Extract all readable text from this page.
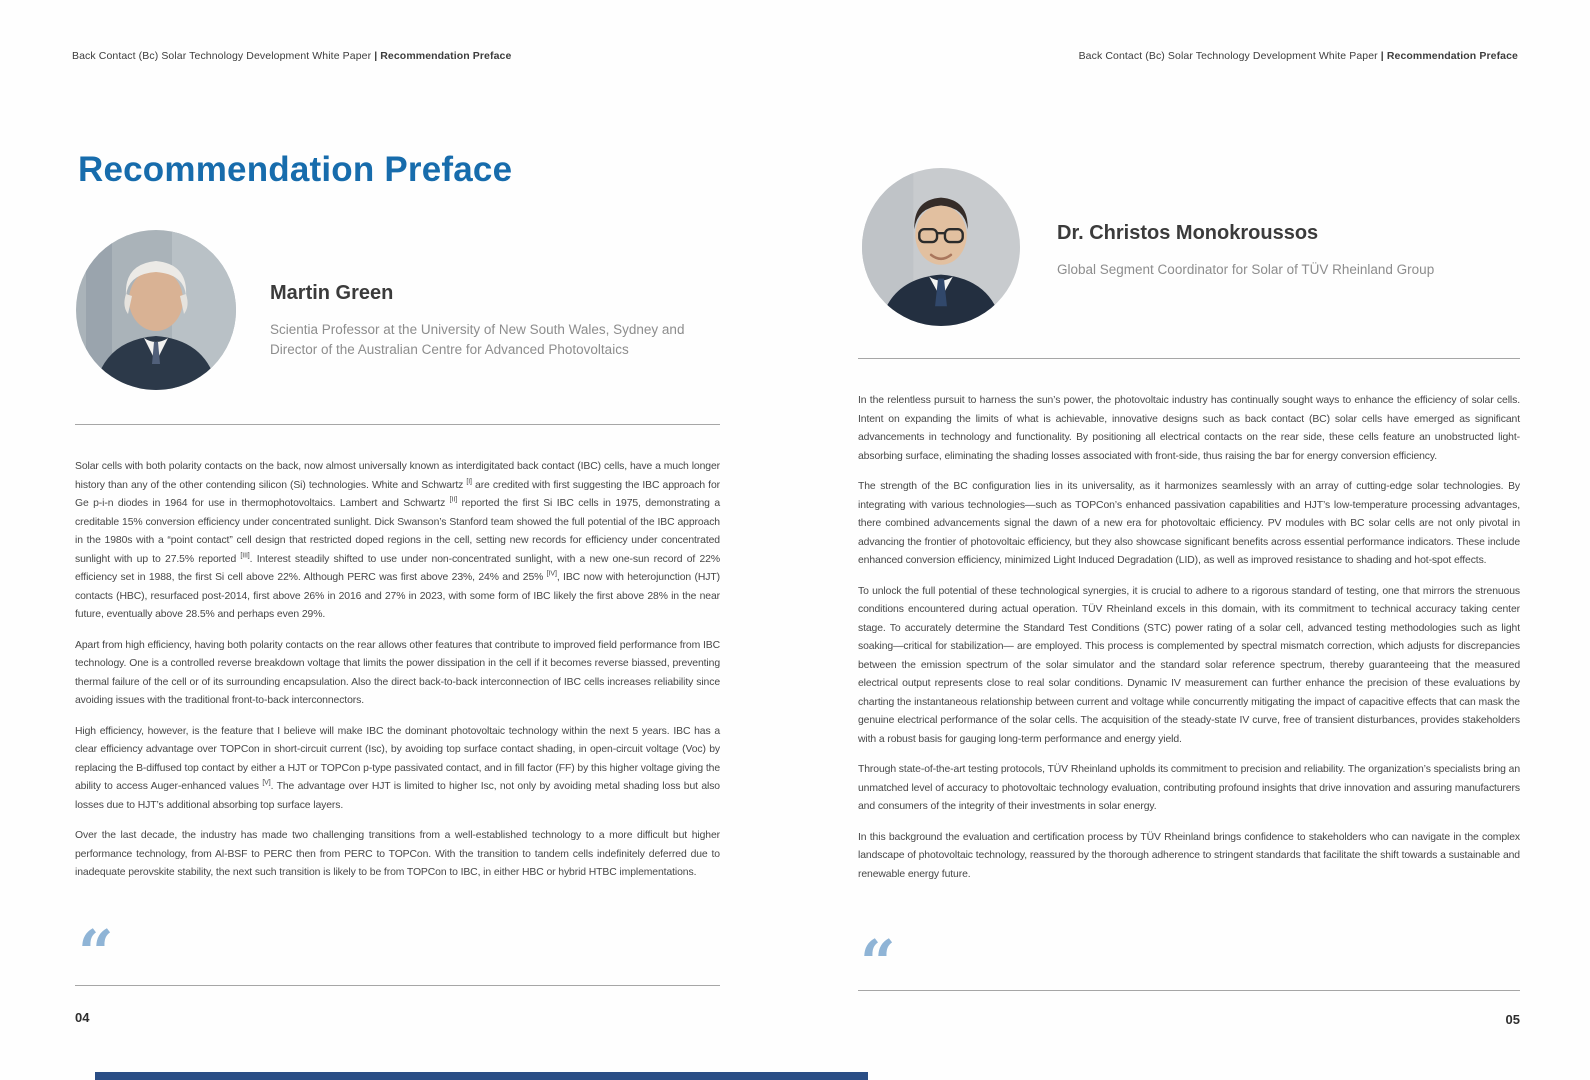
Back Contact (Bc) Solar Technology Development White Paper | Recommendation Preface
Recommendation Preface
Martin Green
Scientia Professor at the University of New South Wales, Sydney and Director of the Australian Centre for Advanced Photovoltaics

Solar cells with both polarity contacts on the back, now almost universally known as interdigitated back contact (IBC) cells, have a much longer history than any of the other contending silicon (Si) technologies. White and Schwartz [I] are credited with first suggesting the IBC approach for Ge p-i-n diodes in 1964 for use in thermophotovoltaics. Lambert and Schwartz [II] reported the first Si IBC cells in 1975, demonstrating a creditable 15% conversion efficiency under concentrated sunlight. Dick Swanson’s Stanford team showed the full potential of the IBC approach in the 1980s with a “point contact” cell design that restricted doped regions in the cell, setting new records for efficiency under concentrated sunlight with up to 27.5% reported [III]. Interest steadily shifted to use under non-concentrated sunlight, with a new one-sun record of 22% efficiency set in 1988, the first Si cell above 22%. Although PERC was first above 23%, 24% and 25% [IV], IBC now with heterojunction (HJT) contacts (HBC), resurfaced post-2014, first above 26% in 2016 and 27% in 2023, with some form of IBC likely the first above 28% in the near future, eventually above 28.5% and perhaps even 29%.

Apart from high efficiency, having both polarity contacts on the rear allows other features that contribute to improved field performance from IBC technology. One is a controlled reverse breakdown voltage that limits the power dissipation in the cell if it becomes reverse biassed, preventing thermal failure of the cell or of its surrounding encapsulation. Also the direct back-to-back interconnection of IBC cells increases reliability since avoiding issues with the traditional front-to-back interconnectors.

High efficiency, however, is the feature that I believe will make IBC the dominant photovoltaic technology within the next 5 years. IBC has a clear efficiency advantage over TOPCon in short-circuit current (Isc), by avoiding top surface contact shading, in open-circuit voltage (Voc) by replacing the B-diffused top contact by either a HJT or TOPCon p-type passivated contact, and in fill factor (FF) by this higher voltage giving the ability to access Auger-enhanced values [V]. The advantage over HJT is limited to higher Isc, not only by avoiding metal shading loss but also losses due to HJT’s additional absorbing top surface layers.

Over the last decade, the industry has made two challenging transitions from a well-established technology to a more difficult but higher performance technology, from Al-BSF to PERC then from PERC to TOPCon. With the transition to tandem cells indefinitely deferred due to inadequate perovskite stability, the next such transition is likely to be from TOPCon to IBC, in either HBC or hybrid HTBC implementations.

“
04
Back Contact (Bc) Solar Technology Development White Paper | Recommendation Preface
Dr. Christos Monokroussos
Global Segment Coordinator for Solar of TÜV Rheinland Group

In the relentless pursuit to harness the sun’s power, the photovoltaic industry has continually sought ways to enhance the efficiency of solar cells. Intent on expanding the limits of what is achievable, innovative designs such as back contact (BC) solar cells have emerged as significant advancements in technology and functionality. By positioning all electrical contacts on the rear side, these cells feature an unobstructed light-absorbing surface, eliminating the shading losses associated with front-side, thus raising the bar for energy conversion efficiency.

The strength of the BC configuration lies in its universality, as it harmonizes seamlessly with an array of cutting-edge solar technologies. By integrating with various technologies—such as TOPCon’s enhanced passivation capabilities and HJT’s low-temperature processing advantages, there combined advancements signal the dawn of a new era for photovoltaic efficiency. PV modules with BC solar cells are not only pivotal in advancing the frontier of photovoltaic efficiency, but they also showcase significant benefits across essential performance indicators. These include enhanced conversion efficiency, minimized Light Induced Degradation (LID), as well as improved resistance to shading and hot-spot effects.

To unlock the full potential of these technological synergies, it is crucial to adhere to a rigorous standard of testing, one that mirrors the strenuous conditions encountered during actual operation. TÜV Rheinland excels in this domain, with its commitment to technical accuracy taking center stage. To accurately determine the Standard Test Conditions (STC) power rating of a solar cell, advanced testing methodologies such as light soaking—critical for stabilization— are employed. This process is complemented by spectral mismatch correction, which adjusts for discrepancies between the emission spectrum of the solar simulator and the standard solar reference spectrum, thereby guaranteeing that the measured electrical output represents close to real solar conditions. Dynamic IV measurement can further enhance the precision of these evaluations by charting the instantaneous relationship between current and voltage while concurrently mitigating the impact of capacitive effects that can mask the genuine electrical performance of the solar cells. The acquisition of the steady-state IV curve, free of transient disturbances, provides stakeholders with a robust basis for gauging long-term performance and energy yield.

Through state-of-the-art testing protocols, TÜV Rheinland upholds its commitment to precision and reliability. The organization’s specialists bring an unmatched level of accuracy to photovoltaic technology evaluation, contributing profound insights that drive innovation and assuring manufacturers and consumers of the integrity of their investments in solar energy.

In this background the evaluation and certification process by TÜV Rheinland brings confidence to stakeholders who can navigate in the complex landscape of photovoltaic technology, reassured by the thorough adherence to stringent standards that facilitate the shift towards a sustainable and renewable energy future.

“
05
